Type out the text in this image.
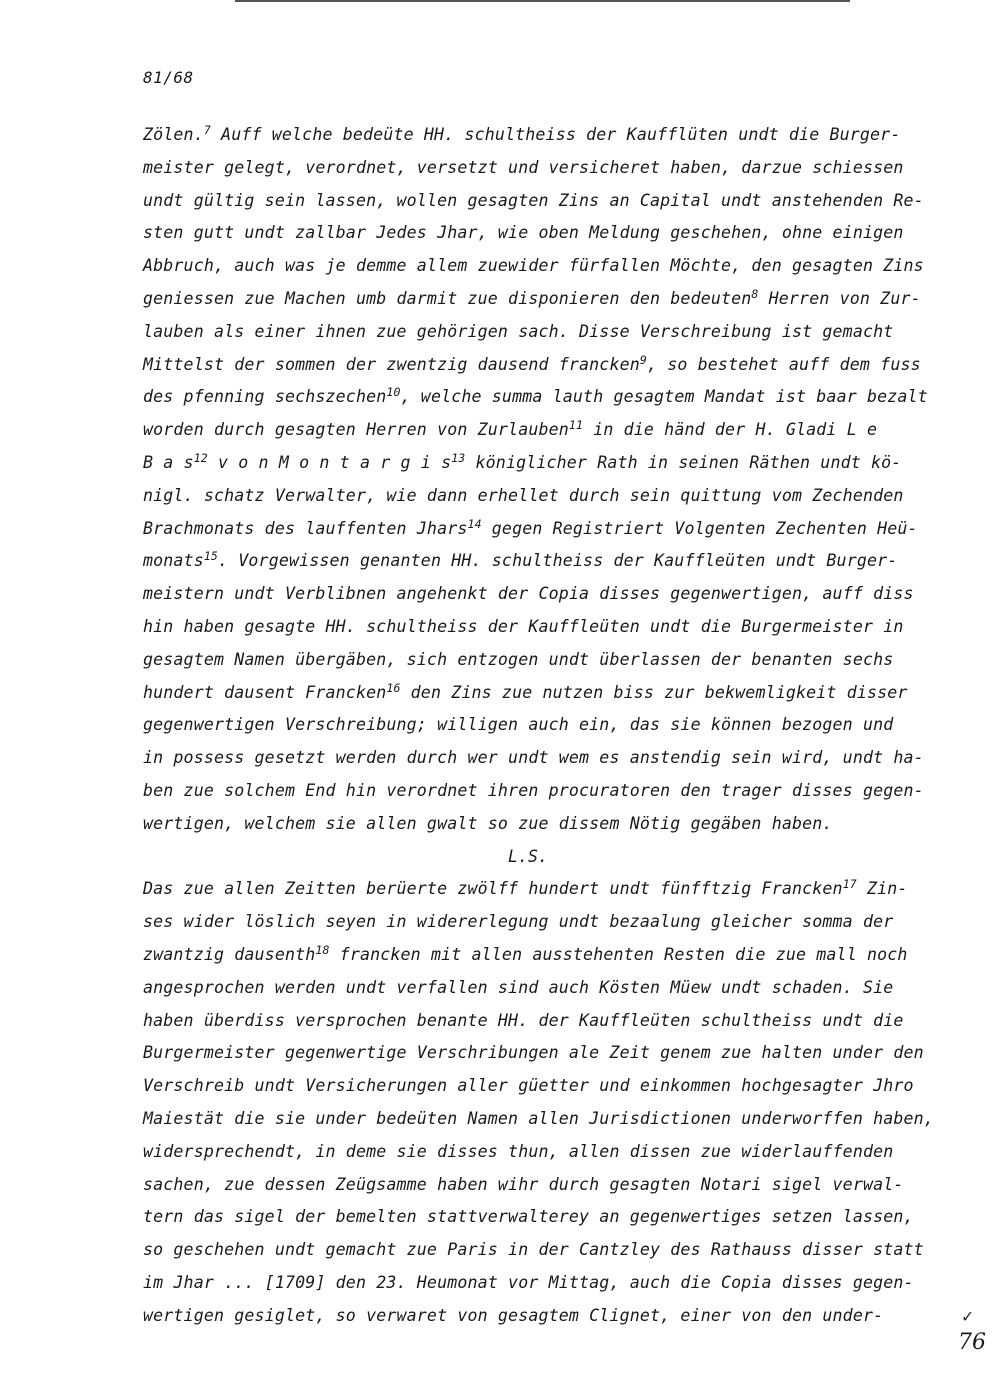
81/68
Zölen.$^7$ Auff welche bedeüte HH. schultheiss der Kaufflüten undt die Burger-
meister gelegt, verordnet, versetzt und versicheret haben, darzue schiessen
undt gültig sein lassen, wollen gesagten Zins an Capital undt anstehenden Re-
sten gutt undt zallbar Jedes Jhar, wie oben Meldung geschehen, ohne einigen
Abbruch, auch was je demme allem zuewider fürfallen Möchte, den gesagten Zins
geniessen zue Machen umb darmit zue disponieren den bedeuten$^8$ Herren von Zur-
lauben als einer ihnen zue gehörigen sach. Disse Verschreibung ist gemacht
Mittelst der sommen der zwentzig dausend francken$^9$, so bestehet auff dem fuss
des pfenning sechszechen$^{10}$, welche summa lauth gesagtem Mandat ist baar bezalt
worden durch gesagten Herren von Zurlauben$^{11}$ in die händ der H. Gladi L e
B a $s^{12}$ v o n M o n t a r g i $s^{13}$ königlicher Rath in seinen Räthen undt kö-
nigl. schatz Verwalter, wie dann erhellet durch sein quittung vom Zechenden
Brachmonats des lauffenten Jhars$^{14}$ gegen Registriert Volgenten Zechenten Heü-
monats$^{15}$. Vorgewissen genanten HH. schultheiss der Kauffleüten undt Burger-
meistern undt Verblibnen angehenkt der Copia disses gegenwertigen, auff diss
hin haben gesagte HH. schultheiss der Kauffleüten undt die Burgermeister in
gesagtem Namen übergäben, sich entzogen undt überlassen der benanten sechs
hundert dausent Francken$^{16}$ den Zins zue nutzen biss zur bekwemligkeit disser
gegenwertigen Verschreibung; willigen auch ein, das sie können bezogen und
in possess gesetzt werden durch wer undt wem es anstendig sein wird, undt ha-
ben zue solchem End hin verordnet ihren procuratoren den trager disses gegen-
wertigen, welchem sie allen gwalt so zue dissem Nötig gegäben haben.
L.S.
Das zue allen Zeitten berüerte zwölff hundert undt fünfftzig Francken$^{17}$ Zin-
ses wider löslich seyen in widererlegung undt bezaalung gleicher somma der
zwantzig dausenth$^{18}$ francken mit allen ausstehenten Resten die zue mall noch
angesprochen werden undt verfallen sind auch Kösten Müew undt schaden. Sie
haben überdiss versprochen benante HH. der Kauffleüten schultheiss undt die
Burgermeister gegenwertige Verschribungen ale Zeit genem zue halten under den
Verschreib undt Versicherungen aller güetter und einkommen hochgesagter Jhro
Maiestät die sie under bedeüten Namen allen Jurisdictionen underworffen haben,
widersprechendt, in deme sie disses thun, allen dissen zue widerlauffenden
sachen, zue dessen Zeügsamme haben wihr durch gesagten Notari sigel verwal-
tern das sigel der bemelten stattverwalterey an gegenwertiges setzen lassen,
so geschehen undt gemacht zue Paris in der Cantzley des Rathauss disser statt
im Jhar ... [1709] den 23. Heumonat vor Mittag, auch die Copia disses gegen-
wertigen gesiglet, so verwaret von gesagtem Clignet, einer von den under-	✓
76
